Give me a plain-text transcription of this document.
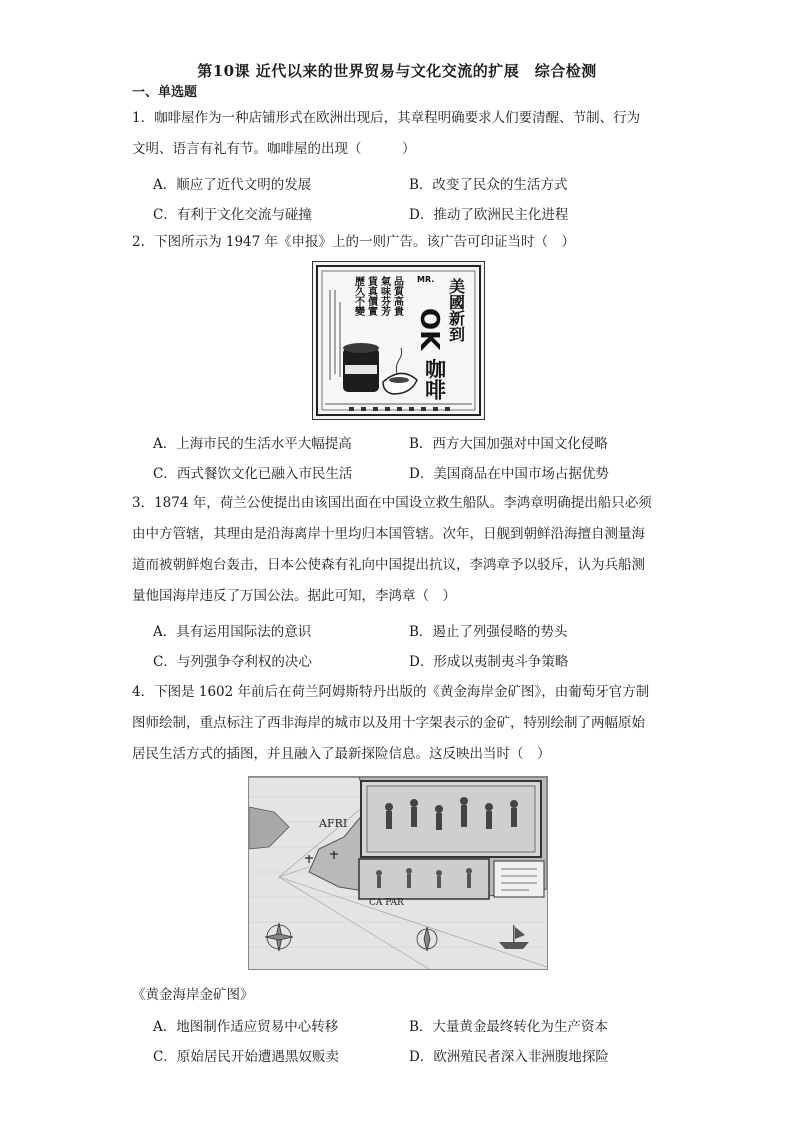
第10课 近代以来的世界贸易与文化交流的扩展　综合检测
一、单选题
1．咖啡屋作为一种店铺形式在欧洲出现后，其章程明确要求人们要清醒、节制、行为
文明、语言有礼有节。咖啡屋的出现（　　　）
A．顺应了近代文明的发展	B．改变了民众的生活方式
C．有利于文化交流与碰撞	D．推动了欧洲民主化进程
2．下图所示为 1947 年《申报》上的一则广告。该广告可印证当时（　）
品質高貴
氣味芬芳
貨真價實
歷久不變	MR.
OK 美國新到
咖啡
A．上海市民的生活水平大幅提高	B．西方大国加强对中国文化侵略
C．西式餐饮文化已融入市民生活	D．美国商品在中国市场占据优势
3．1874 年，荷兰公使提出由该国出面在中国设立救生船队。李鸿章明确提出船只必须
由中方管辖，其理由是沿海离岸十里均归本国管辖。次年，日舰到朝鲜沿海擅自测量海
道而被朝鲜炮台轰击，日本公使森有礼向中国提出抗议，李鸿章予以驳斥，认为兵船测
量他国海岸违反了万国公法。据此可知，李鸿章（　）
A．具有运用国际法的意识	B．遏止了列强侵略的势头
C．与列强争夺利权的决心	D．形成以夷制夷斗争策略
4．下图是 1602 年前后在荷兰阿姆斯特丹出版的《黄金海岸金矿图》，由葡萄牙官方制
图师绘制，重点标注了西非海岸的城市以及用十字架表示的金矿，特别绘制了两幅原始
居民生活方式的插图，并且融入了最新探险信息。这反映出当时（　）
AFRI
CA PAR
《黄金海岸金矿图》
A．地图制作适应贸易中心转移	B．大量黄金最终转化为生产资本
C．原始居民开始遭遇黑奴贩卖	D．欧洲殖民者深入非洲腹地探险
